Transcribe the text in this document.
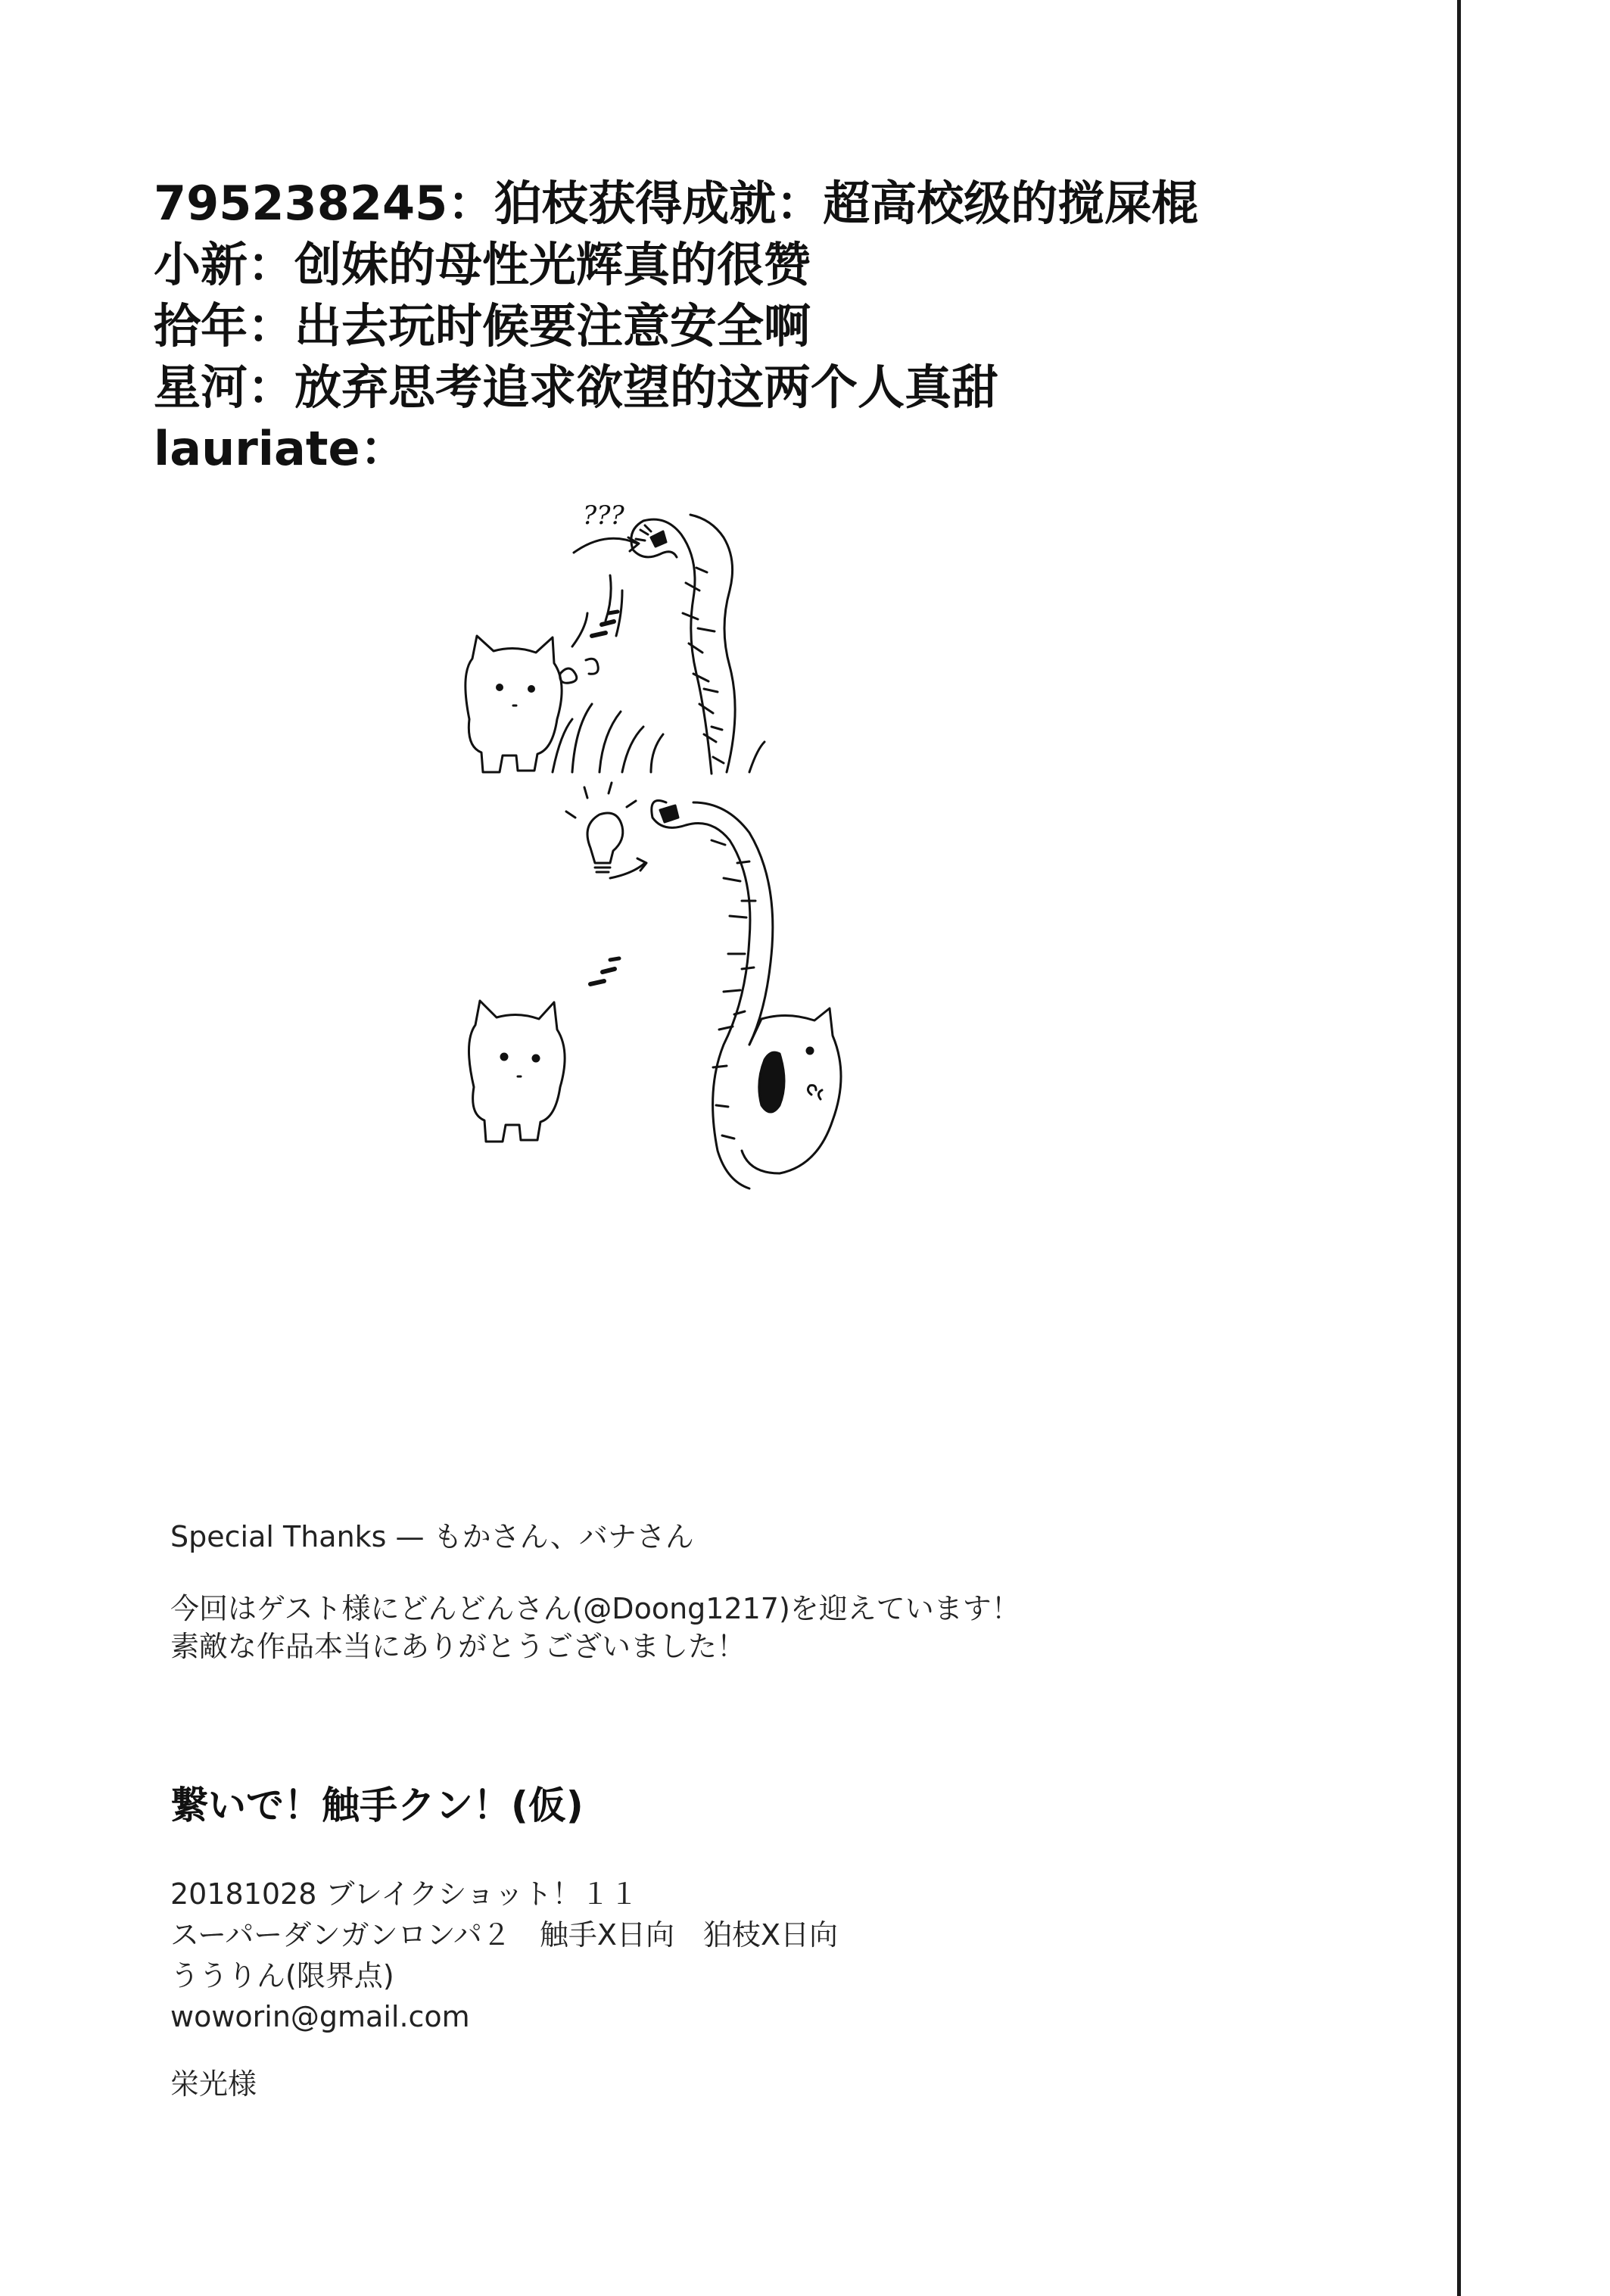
795238245：狛枝获得成就：超高校级的搅屎棍
小新：创妹的母性光辉真的很赞
拾年：出去玩时候要注意安全啊
星河：放弃思考追求欲望的这两个人真甜
lauriate：
???
Special Thanks — もかさん、バナさん
今回はゲスト様にどんどんさん(@Doong1217)を迎えています！
素敵な作品本当にありがとうございました！
繋いで！触手クン！(仮)
20181028 ブレイクショット！１１
スーパーダンガンロンパ２　触手X日向　狛枝X日向
ううりん(限界点)
woworin@gmail.com
栄光様
